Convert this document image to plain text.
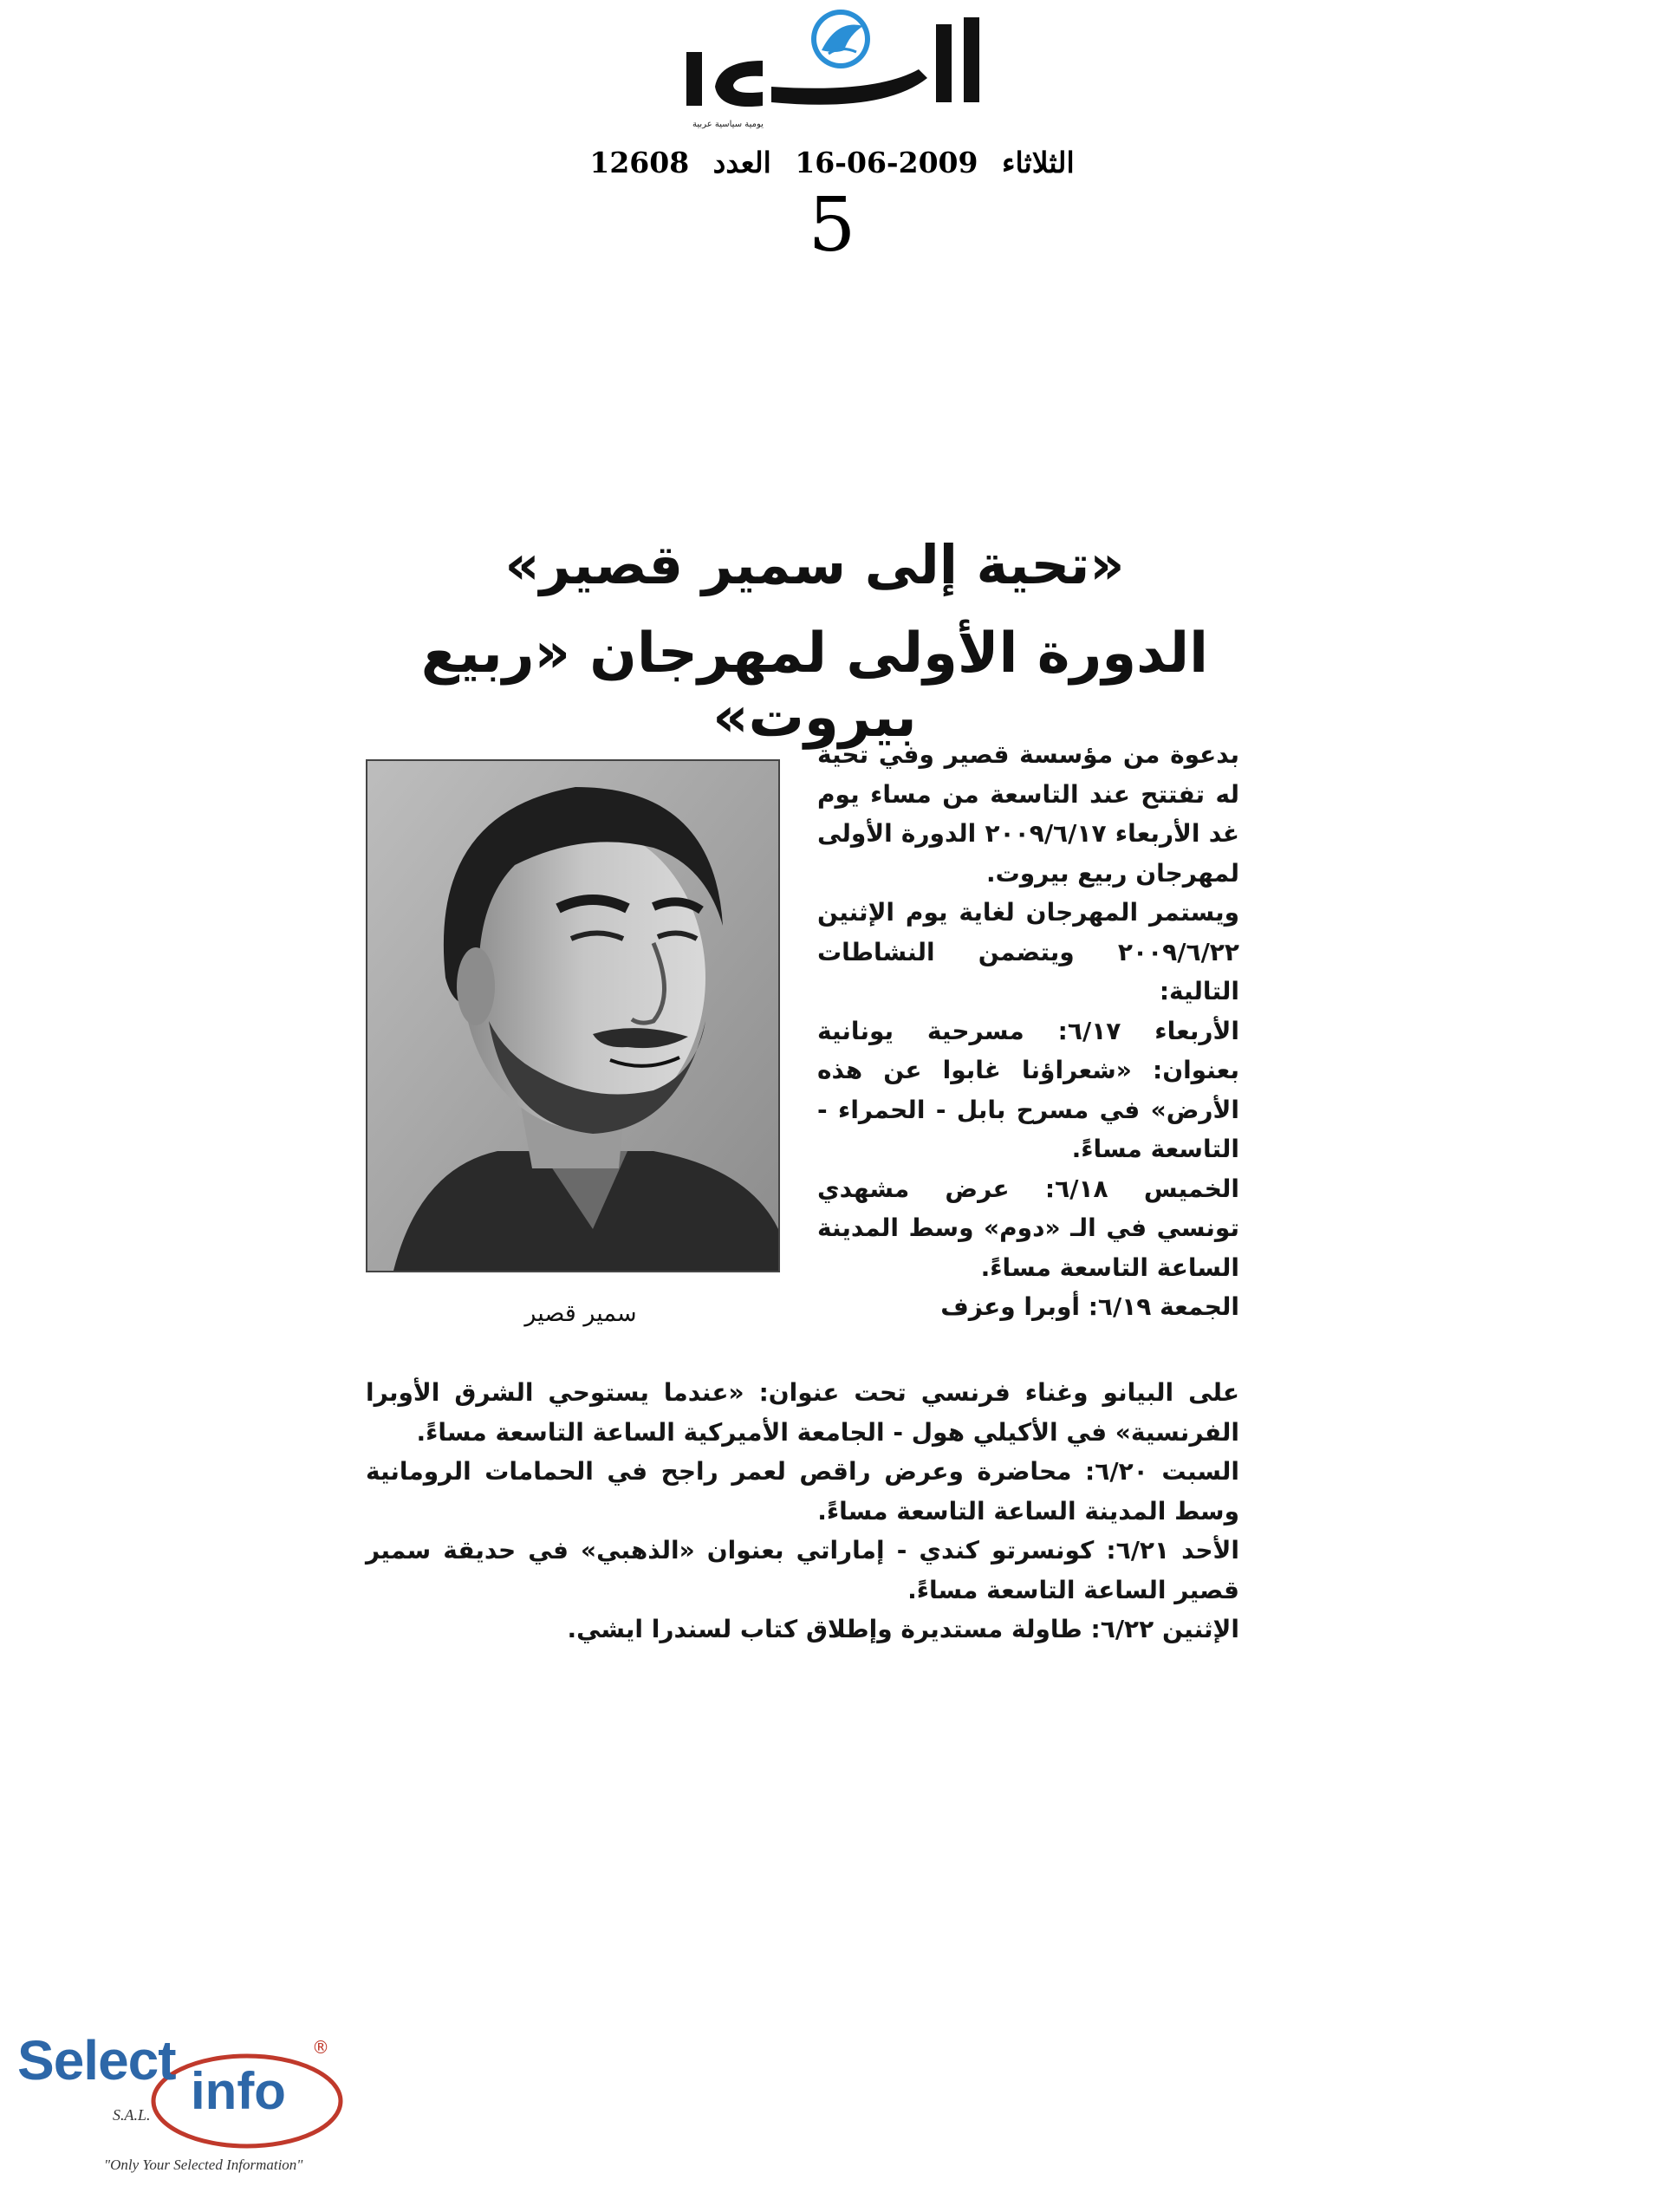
يومية سياسية عربية
الثلاثاء 2009-06-16 العدد 12608
5
«تحية إلى سمير قصير»
الدورة الأولى لمهرجان «ربيع بيروت»
سمير قصير

بدعوة من مؤسسة قصير وفي تحية له تفتتح عند التاسعة من مساء يوم غد الأربعاء ٢٠٠٩/٦/١٧ الدورة الأولى لمهرجان ربيع بيروت.

ويستمر المهرجان لغاية يوم الإثنين ٢٠٠٩/٦/٢٢ ويتضمن النشاطات التالية:

الأربعاء ٦/١٧: مسرحية يونانية بعنوان: «شعراؤنا غابوا عن هذه الأرض» في مسرح بابل - الحمراء - التاسعة مساءً.

الخميس ٦/١٨: عرض مشهدي تونسي في الـ «دوم» وسط المدينة الساعة التاسعة مساءً.

الجمعة ٦/١٩: أوبرا وعزف

على البيانو وغناء فرنسي تحت عنوان: «عندما يستوحي الشرق الأوبرا الفرنسية» في الأكيلي هول - الجامعة الأميركية الساعة التاسعة مساءً.

السبت ٦/٢٠: محاضرة وعرض راقص لعمر راجح في الحمامات الرومانية وسط المدينة الساعة التاسعة مساءً.

الأحد ٦/٢١: كونسرتو كندي - إماراتي بعنوان «الذهبي» في حديقة سمير قصير الساعة التاسعة مساءً.

الإثنين ٦/٢٢: طاولة مستديرة وإطلاق كتاب لسندرا ايشي.

Select info
S.A.L.
®
"Only Your Selected Information"
